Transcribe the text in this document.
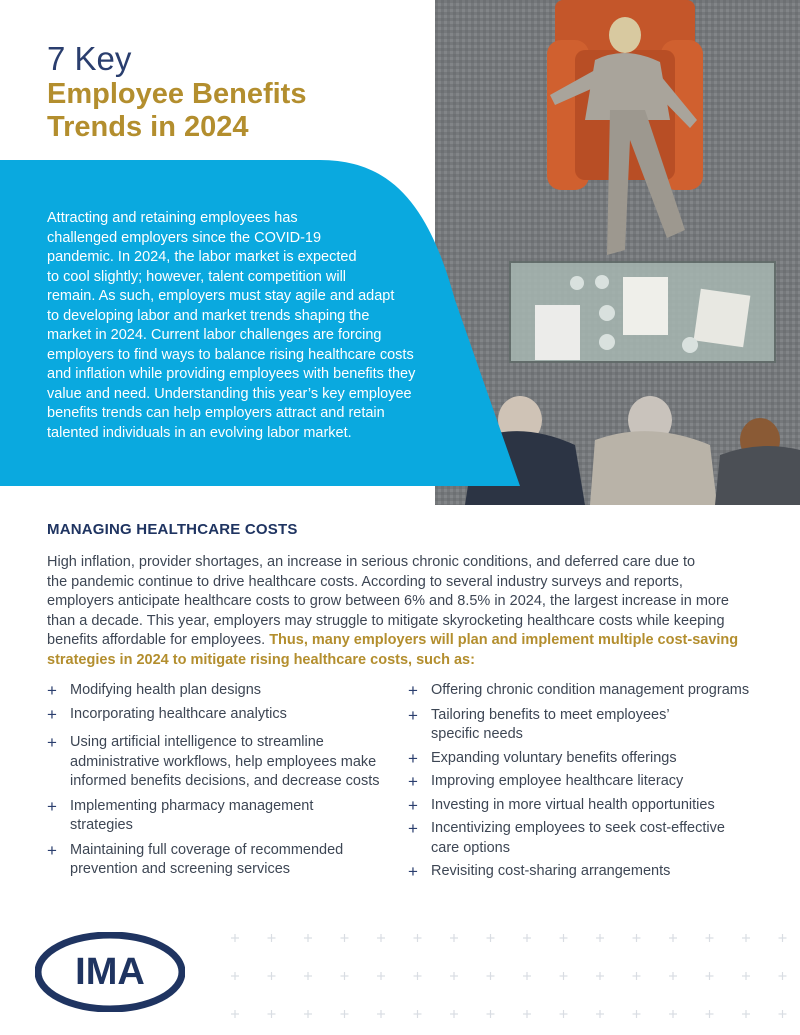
7 Key
Employee Benefits
Trends in 2024
Attracting and retaining employees has
challenged employers since the COVID-19
pandemic. In 2024, the labor market is expected
to cool slightly; however, talent competition will
remain. As such, employers must stay agile and adapt
to developing labor and market trends shaping the
market in 2024. Current labor challenges are forcing
employers to find ways to balance rising healthcare costs
and inflation while providing employees with benefits they
value and need. Understanding this year’s key employee
benefits trends can help employers attract and retain
talented individuals in an evolving labor market.
MANAGING HEALTHCARE COSTS
High inflation, provider shortages, an increase in serious chronic conditions, and deferred care due to
the pandemic continue to drive healthcare costs. According to several industry surveys and reports,
employers anticipate healthcare costs to grow between 6% and 8.5% in 2024, the largest increase in more
than a decade. This year, employers may struggle to mitigate skyrocketing healthcare costs while keeping
benefits affordable for employees. Thus, many employers will plan and implement multiple cost-saving
strategies in 2024 to mitigate rising healthcare costs, such as:
+ Modifying health plan designs
+ Incorporating healthcare analytics
+ Using artificial intelligence to streamline
administrative workflows, help employees make
informed benefits decisions, and decrease costs
+ Implementing pharmacy management
strategies
+ Maintaining full coverage of recommended
prevention and screening services
+ Offering chronic condition management programs
+ Tailoring benefits to meet employees’
specific needs
+ Expanding voluntary benefits offerings
+ Improving employee healthcare literacy
+ Investing in more virtual health opportunities
+ Incentivizing employees to seek cost-effective
care options
+ Revisiting cost-sharing arrangements
IMA
